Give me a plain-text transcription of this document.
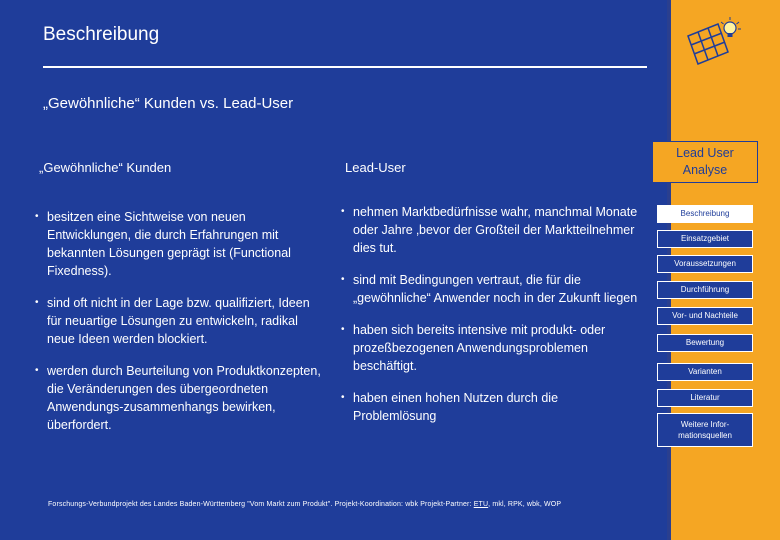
Beschreibung
„Gewöhnliche“ Kunden vs. Lead-User
„Gewöhnliche“ Kunden	Lead-User
• besitzen eine Sichtweise von neuen Entwicklungen, die durch Erfahrungen mit bekannten Lösungen geprägt ist (Functional Fixedness).
• sind oft nicht in der Lage bzw. qualifiziert, Ideen für neuartige Lösungen zu entwickeln, radikal neue Ideen werden blockiert.
• werden durch Beurteilung von Produktkonzepten, die Veränderungen des übergeordneten Anwendungs-zusammenhangs bewirken, überfordert.
• nehmen Marktbedürfnisse wahr, manchmal Monate oder Jahre ‚bevor der Großteil der Marktteilnehmer dies tut.
• sind mit Bedingungen vertraut, die für die „gewöhnliche“ Anwender noch in der Zukunft liegen
• haben sich bereits intensive mit produkt- oder prozeßbezogenen Anwendungsproblemen beschäftigt.
• haben einen hohen Nutzen durch die Problemlösung
Forschungs-Verbundprojekt des Landes Baden-Württemberg "Vom Markt zum Produkt". Projekt-Koordination: wbk Projekt-Partner: ETU, mkl, RPK, wbk, WOP
Lead User Analyse
Beschreibung
Einsatzgebiet
Voraussetzungen
Durchführung
Vor- und Nachteile
Bewertung
Varianten
Literatur
Weitere Infor-mationsquellen
